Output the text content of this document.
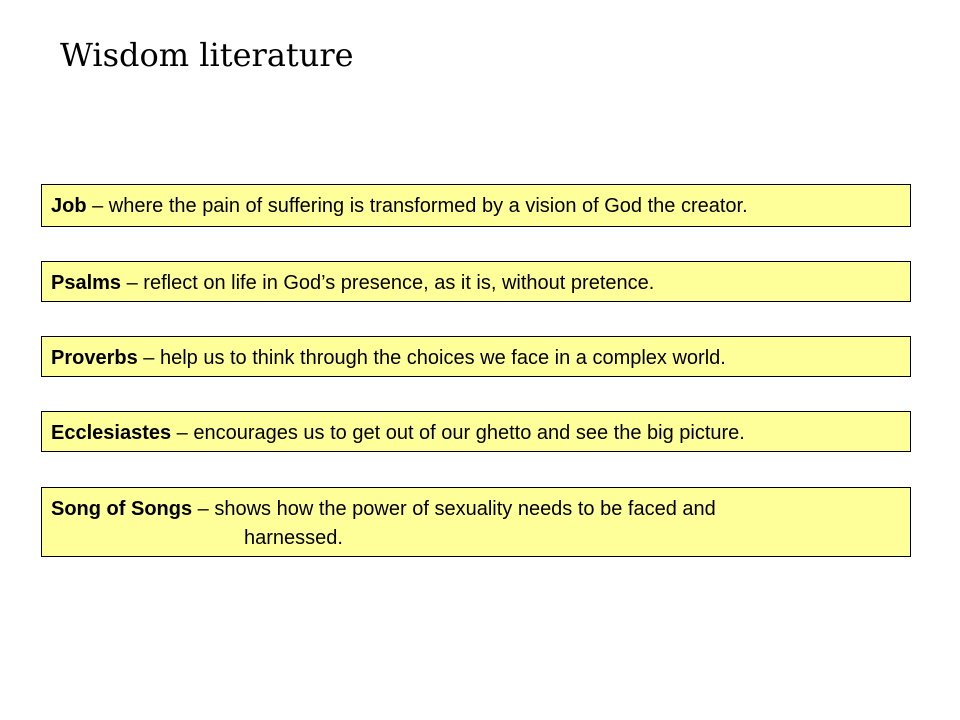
Wisdom literature
Job – where the pain of suffering is transformed by a vision of God the creator.
Psalms – reflect on life in God’s presence, as it is, without pretence.
Proverbs – help us to think through the choices we face in a complex world.
Ecclesiastes – encourages us to get out of our ghetto and see the big picture.
Song of Songs – shows how the power of sexuality needs to be faced and
harnessed.
